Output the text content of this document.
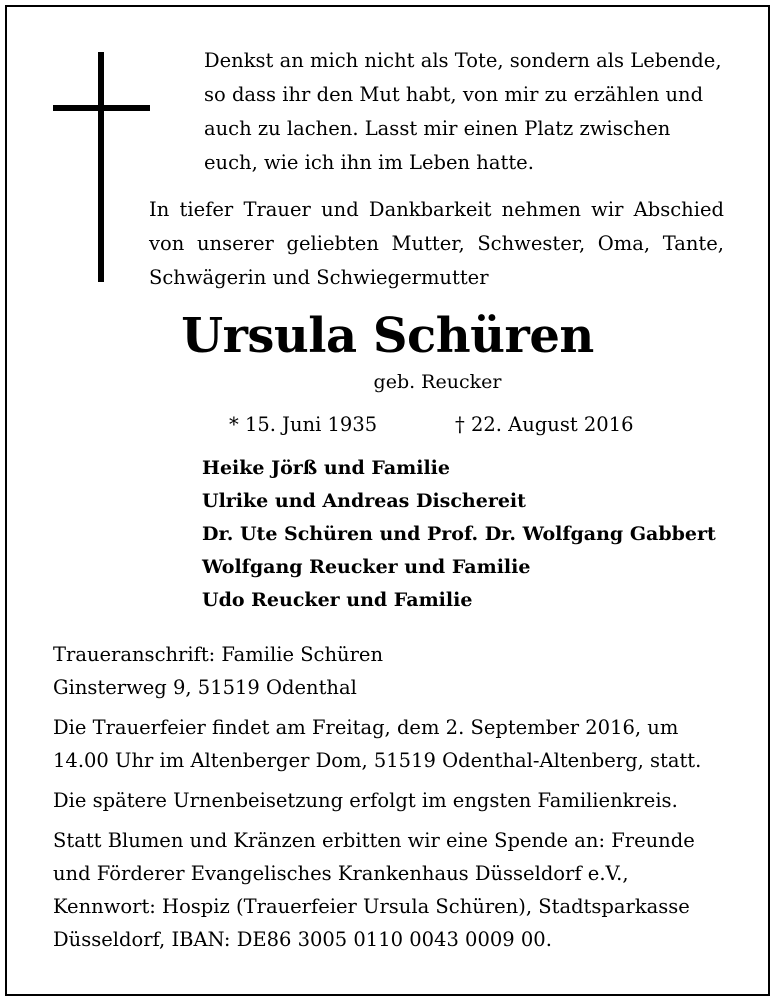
Denkst an mich nicht als Tote, sondern als Lebende,
so dass ihr den Mut habt, von mir zu erzählen und
auch zu lachen. Lasst mir einen Platz zwischen
euch, wie ich ihn im Leben hatte.
In tiefer Trauer und Dankbarkeit nehmen wir Abschied
von unserer geliebten Mutter, Schwester, Oma, Tante,
Schwägerin und Schwiegermutter
Ursula Schüren
geb. Reucker
* 15. Juni 1935	† 22. August 2016
Heike Jörß und Familie
Ulrike und Andreas Dischereit
Dr. Ute Schüren und Prof. Dr. Wolfgang Gabbert
Wolfgang Reucker und Familie
Udo Reucker und Familie
Traueranschrift: Familie Schüren
Ginsterweg 9, 51519 Odenthal
Die Trauerfeier findet am Freitag, dem 2. September 2016, um
14.00 Uhr im Altenberger Dom, 51519 Odenthal-Altenberg, statt.
Die spätere Urnenbeisetzung erfolgt im engsten Familienkreis.
Statt Blumen und Kränzen erbitten wir eine Spende an: Freunde
und Förderer Evangelisches Krankenhaus Düsseldorf e.V.,
Kennwort: Hospiz (Trauerfeier Ursula Schüren), Stadtsparkasse
Düsseldorf, IBAN: DE86 3005 0110 0043 0009 00.
